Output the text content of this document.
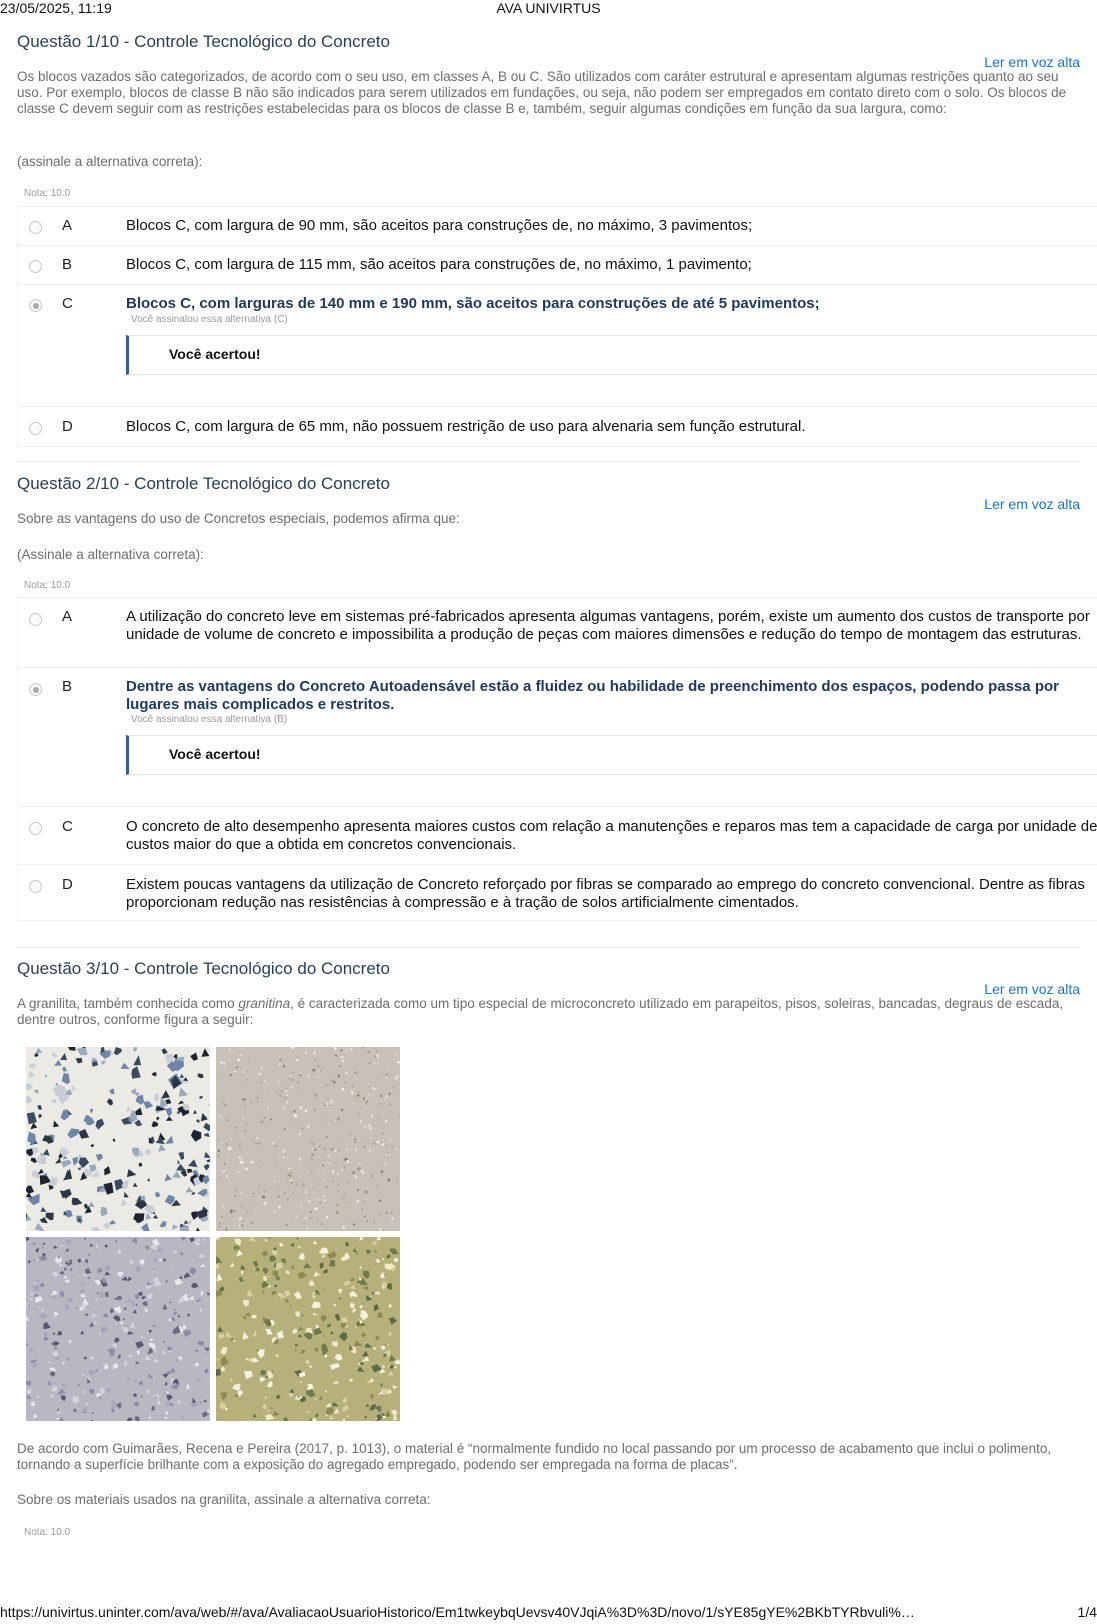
23/05/2025, 11:19	AVA UNIVIRTUS
Questão 1/10 - Controle Tecnológico do Concreto
Ler em voz alta
Os blocos vazados são categorizados, de acordo com o seu uso, em classes A, B ou C. São utilizados com caráter estrutural e apresentam algumas restrições quanto ao seu uso. Por exemplo, blocos de classe B não são indicados para serem utilizados em fundações, ou seja, não podem ser empregados em contato direto com o solo. Os blocos de classe C devem seguir com as restrições estabelecidas para os blocos de classe B e, também, seguir algumas condições em função da sua largura, como:
(assinale a alternativa correta):
Nota: 10.0
A	Blocos C, com largura de 90 mm, são aceitos para construções de, no máximo, 3 pavimentos;
B	Blocos C, com largura de 115 mm, são aceitos para construções de, no máximo, 1 pavimento;
C	Blocos C, com larguras de 140 mm e 190 mm, são aceitos para construções de até 5 pavimentos;
Você assinalou essa alternativa (C)
Você acertou!
D	Blocos C, com largura de 65 mm, não possuem restrição de uso para alvenaria sem função estrutural.
Questão 2/10 - Controle Tecnológico do Concreto
Ler em voz alta
Sobre as vantagens do uso de Concretos especiais, podemos afirma que:
(Assinale a alternativa correta):
Nota: 10.0
A	A utilização do concreto leve em sistemas pré-fabricados apresenta algumas vantagens, porém, existe um aumento dos custos de transporte por unidade de volume de concreto e impossibilita a produção de peças com maiores dimensões e redução do tempo de montagem das estruturas.
B	Dentre as vantagens do Concreto Autoadensável estão a fluidez ou habilidade de preenchimento dos espaços, podendo passa por lugares mais complicados e restritos.
Você assinalou essa alternativa (B)
Você acertou!
C	O concreto de alto desempenho apresenta maiores custos com relação a manutenções e reparos mas tem a capacidade de carga por unidade de custos maior do que a obtida em concretos convencionais.
D	Existem poucas vantagens da utilização de Concreto reforçado por fibras se comparado ao emprego do concreto convencional. Dentre as fibras proporcionam redução nas resistências à compressão e à tração de solos artificialmente cimentados.
Questão 3/10 - Controle Tecnológico do Concreto
Ler em voz alta
A granilita, também conhecida como granitina, é caracterizada como um tipo especial de microconcreto utilizado em parapeitos, pisos, soleiras, bancadas, degraus de escada, dentre outros, conforme figura a seguir:
De acordo com Guimarães, Recena e Pereira (2017, p. 1013), o material é “normalmente fundido no local passando por um processo de acabamento que inclui o polimento, tornando a superfície brilhante com a exposição do agregado empregado, podendo ser empregada na forma de placas”.
Sobre os materiais usados na granilita, assinale a alternativa correta:
Nota: 10.0
https://univirtus.uninter.com/ava/web/#/ava/AvaliacaoUsuarioHistorico/Em1twkeybqUevsv40VJqiA%3D%3D/novo/1/sYE85gYE%2BKbTYRbvuli%…	1/4
